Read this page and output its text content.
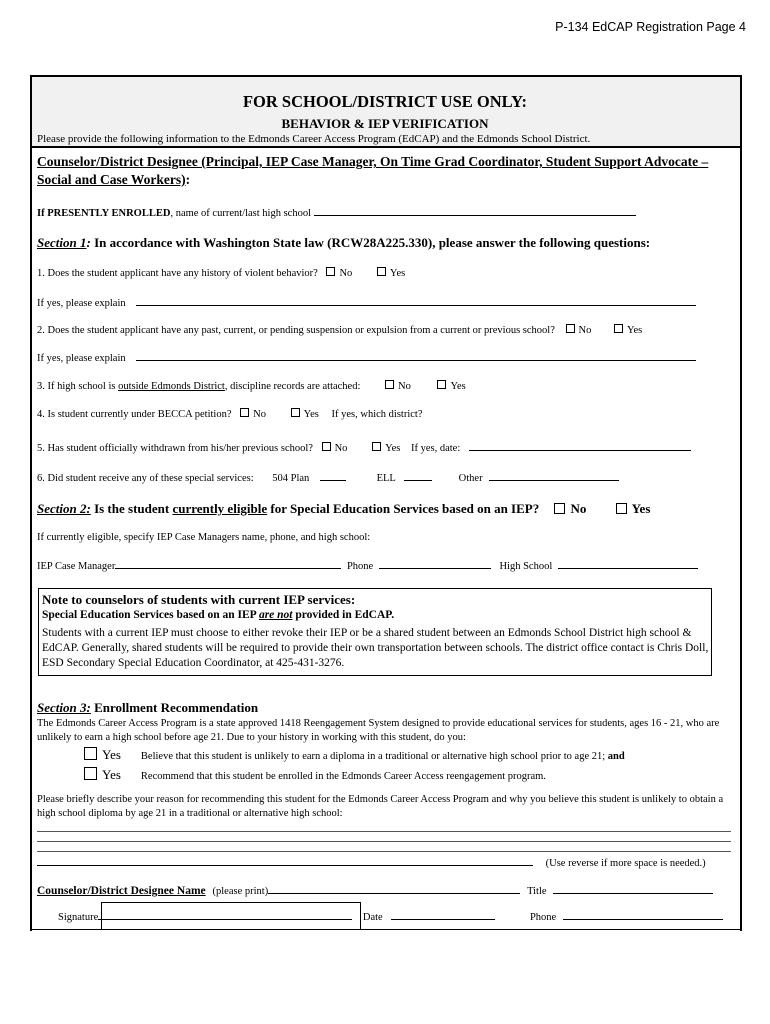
P-134 EdCAP Registration Page 4
FOR SCHOOL/DISTRICT USE ONLY:
BEHAVIOR & IEP VERIFICATION
Please provide the following information to the Edmonds Career Access Program (EdCAP) and the Edmonds School District.
Counselor/District Designee (Principal, IEP Case Manager, On Time Grad Coordinator, Student Support Advocate – Social and Case Workers):
If PRESENTLY ENROLLED, name of current/last high school
Section 1: In accordance with Washington State law (RCW28A225.330), please answer the following questions:
1. Does the student applicant have any history of violent behavior? No	Yes
If yes, please explain
2. Does the student applicant have any past, current, or pending suspension or expulsion from a current or previous school? No	Yes
If yes, please explain
3. If high school is outside Edmonds District, discipline records are attached:	No	Yes
4. Is student currently under BECCA petition? No	Yes If yes, which district?
5. Has student officially withdrawn from his/her previous school? No	Yes If yes, date:
6. Did student receive any of these special services: 504 Plan	ELL	Other
Section 2: Is the student currently eligible for Special Education Services based on an IEP? No	Yes
If currently eligible, specify IEP Case Managers name, phone, and high school:
IEP Case Manager	Phone	High School
Note to counselors of students with current IEP services:
Special Education Services based on an IEP are not provided in EdCAP.
Students with a current IEP must choose to either revoke their IEP or be a shared student between an Edmonds School District high school & EdCAP. Generally, shared students will be required to provide their own transportation between schools. The district office contact is Chris Doll, ESD Secondary Special Education Coordinator, at 425-431-3276.
Section 3: Enrollment Recommendation
The Edmonds Career Access Program is a state approved 1418 Reengagement System designed to provide educational services for students, ages 16 - 21, who are unlikely to earn a high school before age 21. Due to your history in working with this student, do you:
Yes Believe that this student is unlikely to earn a diploma in a traditional or alternative high school prior to age 21; and
Yes Recommend that this student be enrolled in the Edmonds Career Access reengagement program.
Please briefly describe your reason for recommending this student for the Edmonds Career Access Program and why you believe this student is unlikely to obtain a high school diploma by age 21 in a traditional or alternative high school:
(Use reverse if more space is needed.)
Counselor/District Designee Name (please print)	Title
Signature	Date	Phone
